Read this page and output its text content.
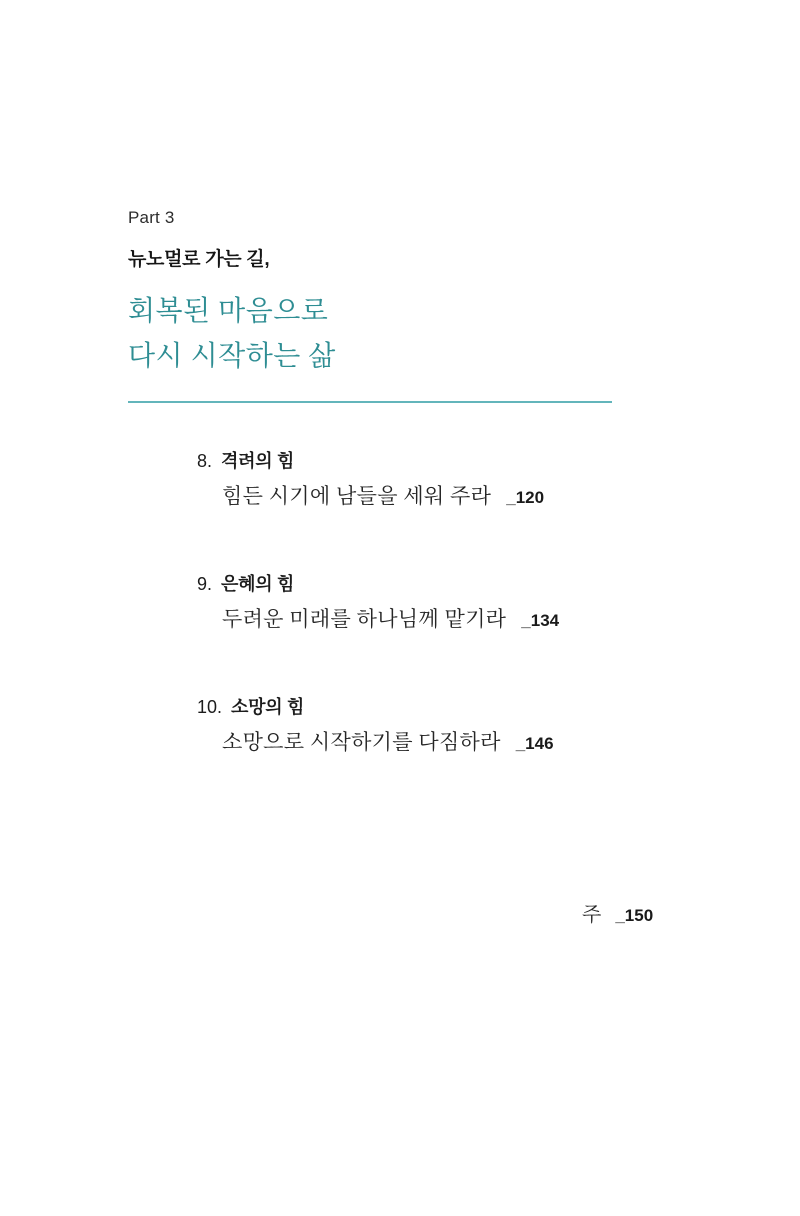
Part 3
뉴노멀로 가는 길,
회복된 마음으로
다시 시작하는 삶
8. 격려의 힘
힘든 시기에 남들을 세워 주라 _120
9. 은혜의 힘
두려운 미래를 하나님께 맡기라 _134
10. 소망의 힘
소망으로 시작하기를 다짐하라 _146
주 _150
